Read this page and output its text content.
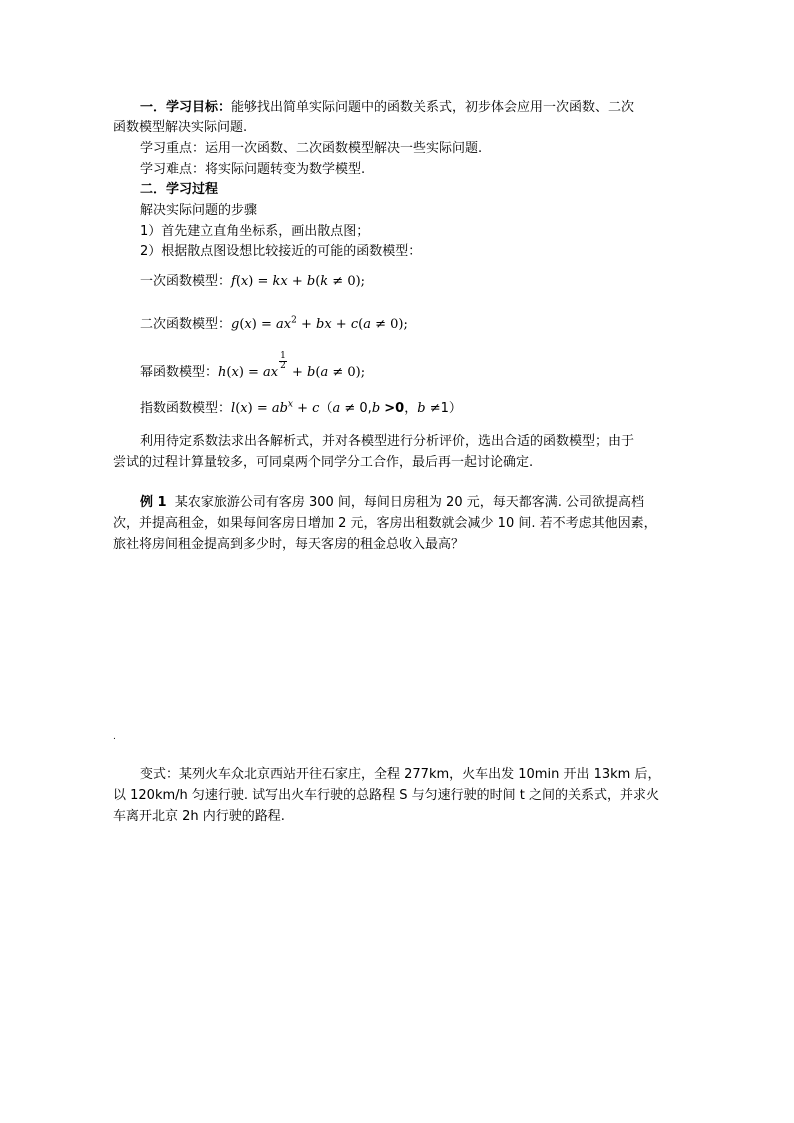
一．学习目标：能够找出简单实际问题中的函数关系式，初步体会应用一次函数、二次
函数模型解决实际问题.
学习重点：运用一次函数、二次函数模型解决一些实际问题.
学习难点：将实际问题转变为数学模型.
二．学习过程
解决实际问题的步骤
1）首先建立直角坐标系，画出散点图；
2）根据散点图设想比较接近的可能的函数模型：
一次函数模型：f(x) = kx + b(k ≠ 0);
二次函数模型：$g(x) = ax^2$ + bx + c(a ≠ 0);
幂函数模型：h(x) = ax
$^{\frac{1}{2}}$
+ b(a ≠ 0);
指数函数模型：$l(x) = ab^x + c(a \ne 0,b >0$，b ≠1）
利用待定系数法求出各解析式，并对各模型进行分析评价，选出合适的函数模型；由于
尝试的过程计算量较多，可同桌两个同学分工合作，最后再一起讨论确定.
例 1 某农家旅游公司有客房 300 间，每间日房租为 20 元，每天都客满. 公司欲提高档
次，并提高租金，如果每间客房日增加 2 元，客房出租数就会减少 10 间. 若不考虑其他因素，
旅社将房间租金提高到多少时，每天客房的租金总收入最高？
.
变式：某列火车众北京西站开往石家庄，全程 277km，火车出发 10min 开出 13km 后，
以 120km/h 匀速行驶. 试写出火车行驶的总路程 S 与匀速行驶的时间 t 之间的关系式，并求火
车离开北京 2h 内行驶的路程.
